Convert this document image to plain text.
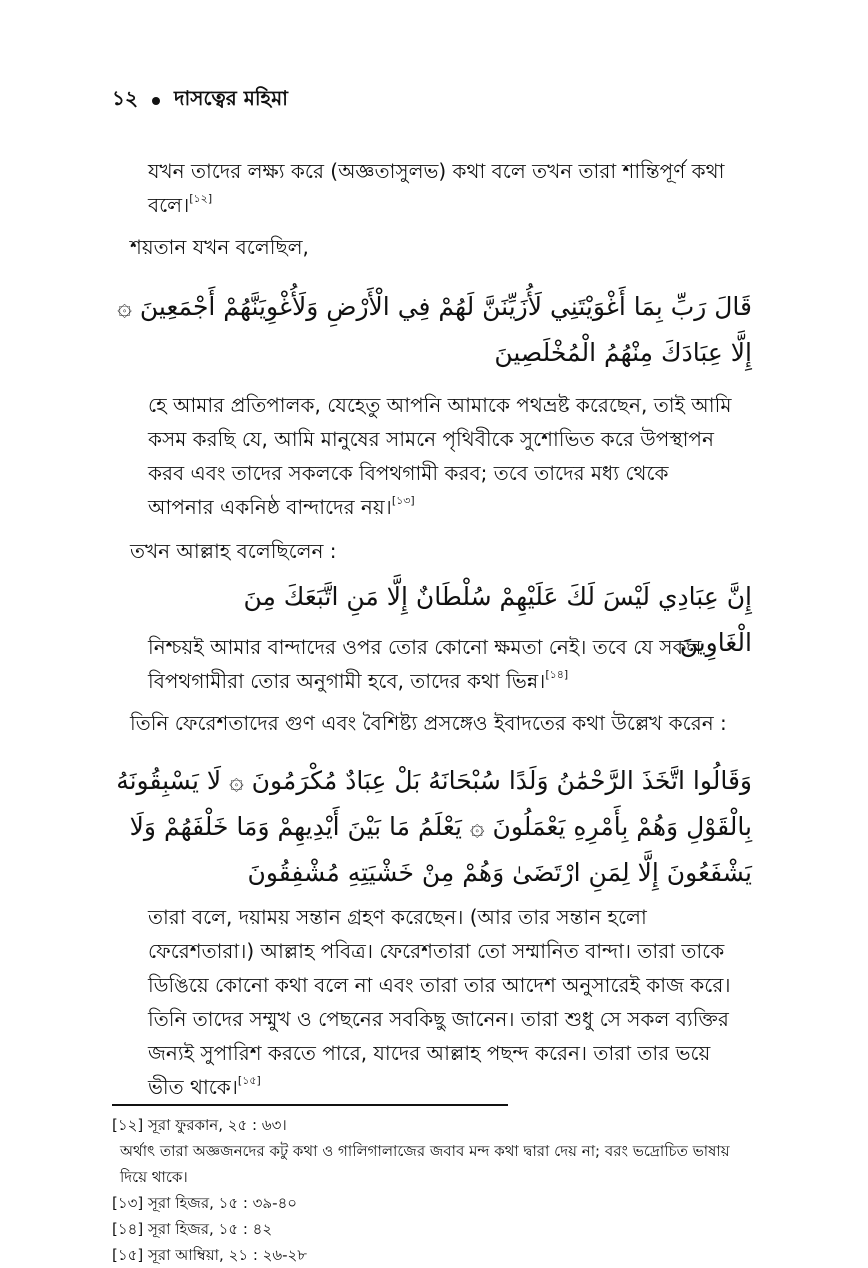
১২ দাসত্বের মহিমা
যখন তাদের লক্ষ্য করে (অজ্ঞতাসুলভ) কথা বলে তখন তারা শান্তিপূর্ণ কথা বলে।[১২]
শয়তান যখন বলেছিল,
قَالَ رَبِّ بِمَا أَغْوَيْتَنِي لَأُزَيِّنَنَّ لَهُمْ فِي الْأَرْضِ وَلَأُغْوِيَنَّهُمْ أَجْمَعِينَ ۞ إِلَّا عِبَادَكَ مِنْهُمُ الْمُخْلَصِينَ
হে আমার প্রতিপালক, যেহেতু আপনি আমাকে পথভ্রষ্ট করেছেন, তাই আমি কসম করছি যে, আমি মানুষের সামনে পৃথিবীকে সুশোভিত করে উপস্থাপন করব এবং তাদের সকলকে বিপথগামী করব; তবে তাদের মধ্য থেকে আপনার একনিষ্ঠ বান্দাদের নয়।[১৩]
তখন আল্লাহ বলেছিলেন :
إِنَّ عِبَادِي لَيْسَ لَكَ عَلَيْهِمْ سُلْطَانٌ إِلَّا مَنِ اتَّبَعَكَ مِنَ الْغَاوِينَ
নিশ্চয়ই আমার বান্দাদের ওপর তোর কোনো ক্ষমতা নেই। তবে যে সকল বিপথগামীরা তোর অনুগামী হবে, তাদের কথা ভিন্ন।[১৪]
তিনি ফেরেশতাদের গুণ এবং বৈশিষ্ট্য প্রসঙ্গেও ইবাদতের কথা উল্লেখ করেন :
وَقَالُوا اتَّخَذَ الرَّحْمَٰنُ وَلَدًا سُبْحَانَهُ بَلْ عِبَادٌ مُكْرَمُونَ ۞ لَا يَسْبِقُونَهُ بِالْقَوْلِ وَهُمْ بِأَمْرِهِ يَعْمَلُونَ ۞ يَعْلَمُ مَا بَيْنَ أَيْدِيهِمْ وَمَا خَلْفَهُمْ وَلَا يَشْفَعُونَ إِلَّا لِمَنِ ارْتَضَىٰ وَهُمْ مِنْ خَشْيَتِهِ مُشْفِقُونَ
তারা বলে, দয়াময় সন্তান গ্রহণ করেছেন। (আর তার সন্তান হলো ফেরেশতারা।) আল্লাহ পবিত্র। ফেরেশতারা তো সম্মানিত বান্দা। তারা তাকে ডিঙিয়ে কোনো কথা বলে না এবং তারা তার আদেশ অনুসারেই কাজ করে। তিনি তাদের সম্মুখ ও পেছনের সবকিছু জানেন। তারা শুধু সে সকল ব্যক্তির জন্যই সুপারিশ করতে পারে, যাদের আল্লাহ পছন্দ করেন। তারা তার ভয়ে ভীত থাকে।[১৫]
[১২] সূরা ফুরকান, ২৫ : ৬৩।
অর্থাৎ তারা অজ্ঞজনদের কটু কথা ও গালিগালাজের জবাব মন্দ কথা দ্বারা দেয় না; বরং ভদ্রোচিত ভাষায় দিয়ে থাকে।
[১৩] সূরা হিজর, ১৫ : ৩৯-৪০
[১৪] সূরা হিজর, ১৫ : ৪২
[১৫] সূরা আম্বিয়া, ২১ : ২৬-২৮
